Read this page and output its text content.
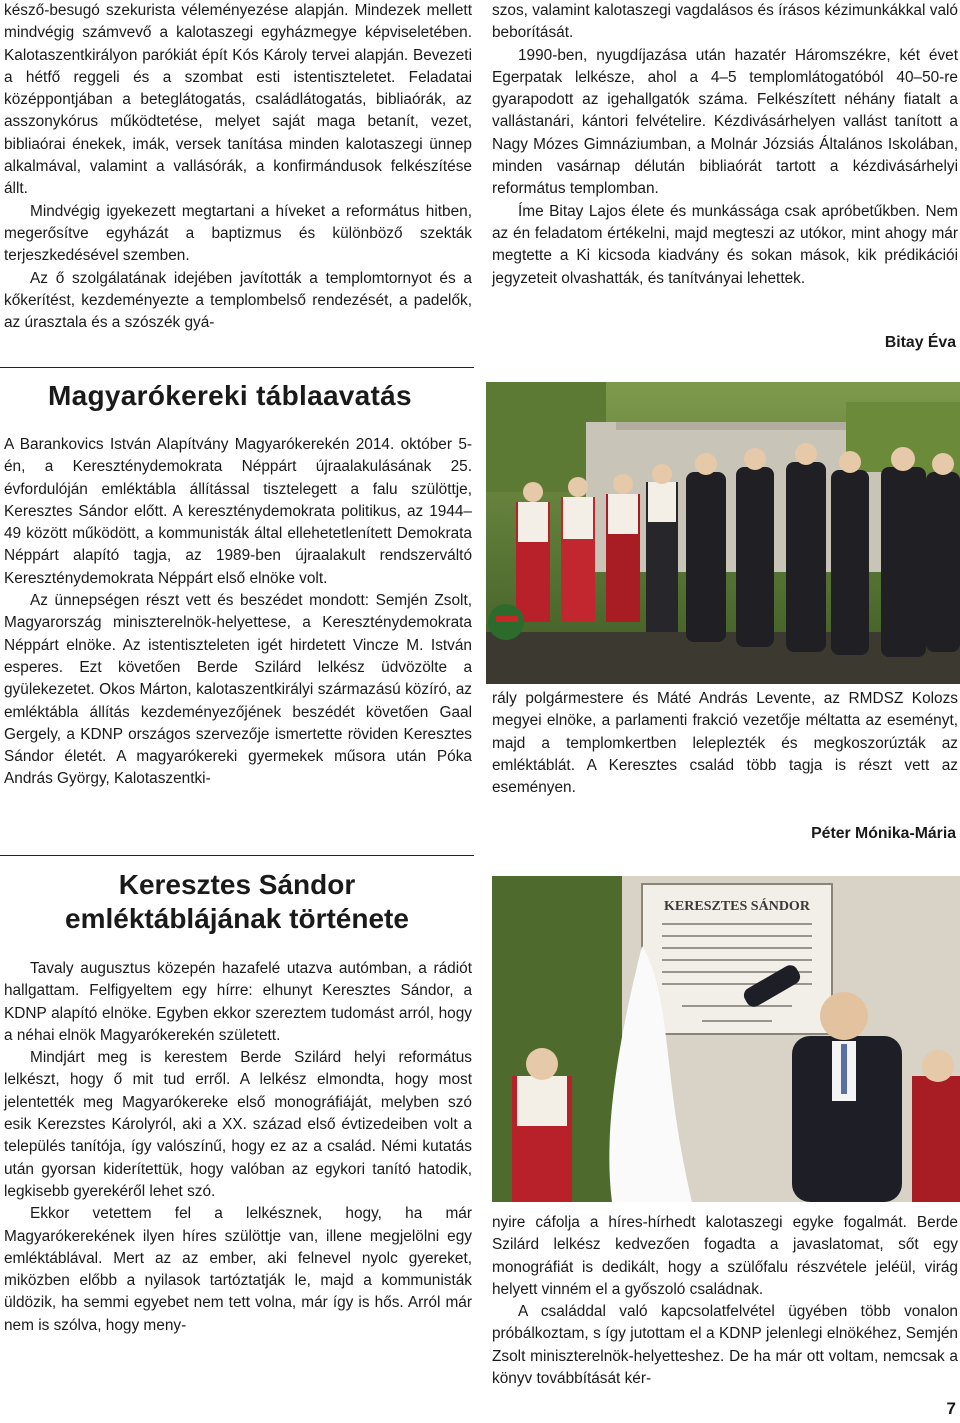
késző-besugó szekurista véleményezése alapján. Mindezek mellett mindvégig számvevő a kalotaszegi egyházmegye képviseletében. Kalotaszentkirályon parókiát épít Kós Károly tervei alapján. Bevezeti a hétfő reggeli és a szombat esti istentiszteletet. Feladatai középpontjában a beteglátogatás, családlátogatás, bibliaórák, az asszonykórus működtetése, melyet saját maga betanít, vezet, bibliaórai énekek, imák, versek tanítása minden kalotaszegi ünnep alkalmával, valamint a vallásórák, a konfirmándusok felkészítése állt.

Mindvégig igyekezett megtartani a híveket a református hitben, megerősítve egyházát a baptizmus és különböző szekták terjeszkedésével szemben.

Az ő szolgálatának idejében javították a templomtornyot és a kőkerítést, kezdeményezte a templombelső rendezését, a padelők, az úrasztala és a szószék gyá-

szos, valamint kalotaszegi vagdalásos és írásos kézimunkákkal való beborítását.

1990-ben, nyugdíjazása után hazatér Háromszékre, két évet Egerpatak lelkésze, ahol a 4–5 templomlátogatóból 40–50-re gyarapodott az igehallgatók száma. Felkészített néhány fiatalt a vallástanári, kántori felvételire. Kézdivásárhelyen vallást tanított a Nagy Mózes Gimnáziumban, a Molnár Józsiás Általános Iskolában, minden vasárnap délután bibliaórát tartott a kézdivásárhelyi református templomban.

Íme Bitay Lajos élete és munkássága csak apróbetűkben. Nem az én feladatom értékelni, majd megteszi az utókor, mint ahogy már megtette a Ki kicsoda kiadvány és sokan mások, kik prédikációi jegyzeteit olvashatták, és tanítványai lehettek.

Bitay Éva
Magyarókereki táblaavatás

A Barankovics István Alapítvány Magyarókerekén 2014. október 5-én, a Kereszténydemokrata Néppárt újraalakulásának 25. évfordulóján emléktábla állítással tisztelegett a falu szülöttje, Keresztes Sándor előtt. A kereszténydemokrata politikus, az 1944–49 között működött, a kommunisták által ellehetetlenített Demokrata Néppárt alapító tagja, az 1989-ben újraalakult rendszerváltó Kereszténydemokrata Néppárt első elnöke volt.

Az ünnepségen részt vett és beszédet mondott: Semjén Zsolt, Magyarország miniszterelnök-helyettese, a Kereszténydemokrata Néppárt elnöke. Az istentiszteleten igét hirdetett Vincze M. István esperes. Ezt követően Berde Szilárd lelkész üdvözölte a gyülekezetet. Okos Márton, kalotaszentkirályi származású közíró, az emléktábla állítás kezdeményezőjének beszédét követően Gaal Gergely, a KDNP országos szervezője ismertette röviden Keresztes Sándor életét. A magyarókereki gyermekek műsora után Póka András György, Kalotaszentki-

rály polgármestere és Máté András Levente, az RMDSZ Kolozs megyei elnöke, a parlamenti frakció vezetője méltatta az eseményt, majd a templomkertben leleplezték és megkoszorúzták az emléktáblát. A Keresztes család több tagja is részt vett az eseményen.

Péter Mónika-Mária
Keresztes Sándor
emléktáblájának története

Tavaly augusztus közepén hazafelé utazva autómban, a rádiót hallgattam. Felfigyeltem egy hírre: elhunyt Keresztes Sándor, a KDNP alapító elnöke. Egyben ekkor szereztem tudomást arról, hogy a néhai elnök Magyarókerekén született.

Mindjárt meg is kerestem Berde Szilárd helyi református lelkészt, hogy ő mit tud erről. A lelkész elmondta, hogy most jelentették meg Magyarókereke első monográfiáját, melyben szó esik Kerezstes Károlyról, aki a XX. század első évtizedeiben volt a település tanítója, így valószínű, hogy ez az a család. Némi kutatás után gyorsan kiderítettük, hogy valóban az egykori tanító hatodik, legkisebb gyerekéről lehet szó.

Ekkor vetettem fel a lelkésznek, hogy, ha már Magyarókerekének ilyen híres szülöttje van, illene megjelölni egy emléktáblával. Mert az az ember, aki felnevel nyolc gyereket, miközben előbb a nyilasok tartóztatják le, majd a kommunisták üldözik, ha semmi egyebet nem tett volna, már így is hős. Arról már nem is szólva, hogy meny-

KERESZTES SÁNDOR

nyire cáfolja a híres-hírhedt kalotaszegi egyke fogalmát. Berde Szilárd lelkész kedvezően fogadta a javaslatomat, sőt egy monográfiát is dedikált, hogy a szülőfalu részvétele jeléül, virág helyett vinném el a győszoló családnak.

A családdal való kapcsolatfelvétel ügyében több vonalon próbálkoztam, s így jutottam el a KDNP jelenlegi elnökéhez, Semjén Zsolt miniszterelnök-helyetteshez. De ha már ott voltam, nemcsak a könyv továbbítását kér-

7
